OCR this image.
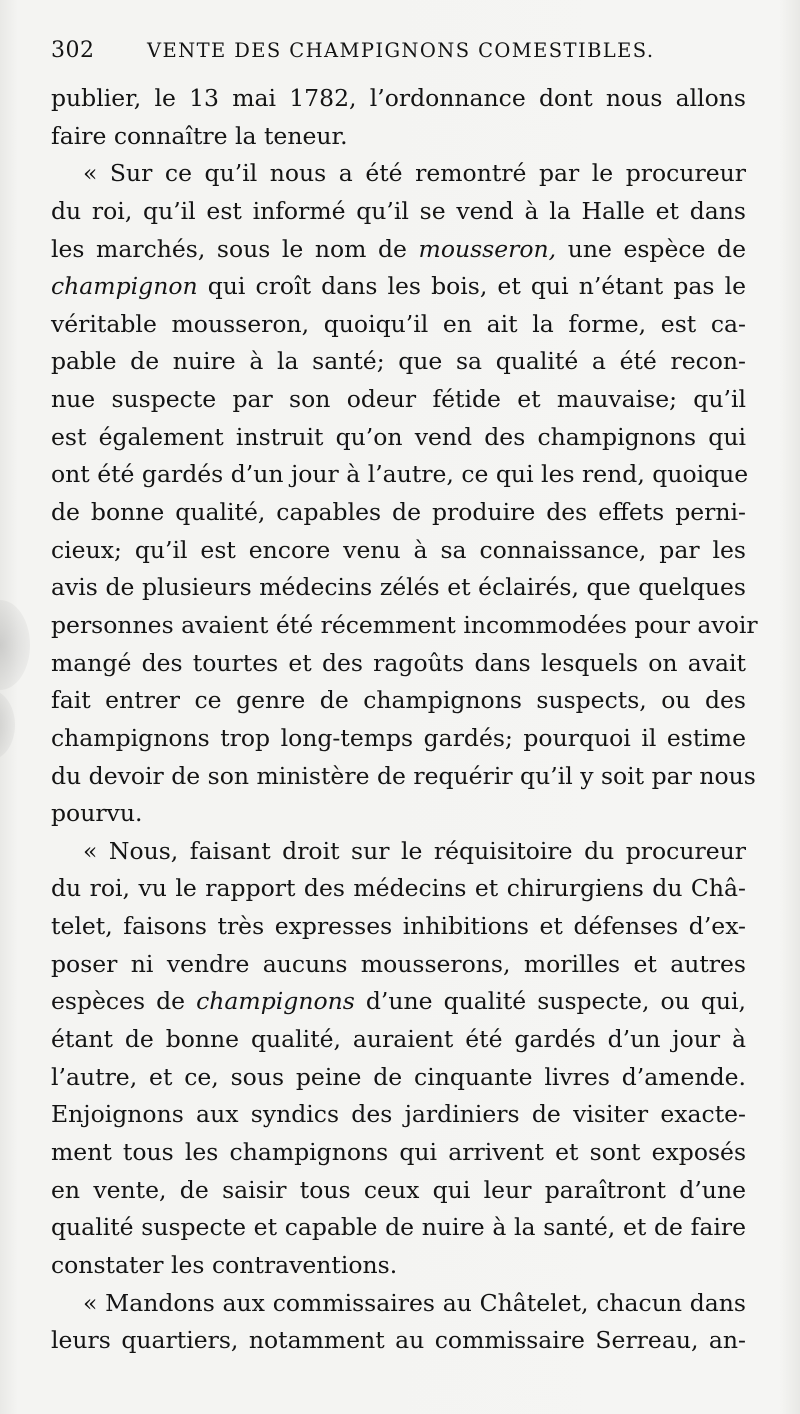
302	VENTE DES CHAMPIGNONS COMESTIBLES.
publier, le 13 mai 1782, l’ordonnance dont nous allons
faire connaître la teneur.
« Sur ce qu’il nous a été remontré par le procureur
du roi, qu’il est informé qu’il se vend à la Halle et dans
les marchés, sous le nom de mousseron, une espèce de
champignon qui croît dans les bois, et qui n’étant pas le
véritable mousseron, quoiqu’il en ait la forme, est ca-
pable de nuire à la santé; que sa qualité a été recon-
nue suspecte par son odeur fétide et mauvaise; qu’il
est également instruit qu’on vend des champignons qui
ont été gardés d’un jour à l’autre, ce qui les rend, quoique
de bonne qualité, capables de produire des effets perni-
cieux; qu’il est encore venu à sa connaissance, par les
avis de plusieurs médecins zélés et éclairés, que quelques
personnes avaient été récemment incommodées pour avoir
mangé des tourtes et des ragoûts dans lesquels on avait
fait entrer ce genre de champignons suspects, ou des
champignons trop long-temps gardés; pourquoi il estime
du devoir de son ministère de requérir qu’il y soit par nous
pourvu.
« Nous, faisant droit sur le réquisitoire du procureur
du roi, vu le rapport des médecins et chirurgiens du Châ-
telet, faisons très expresses inhibitions et défenses d’ex-
poser ni vendre aucuns mousserons, morilles et autres
espèces de champignons d’une qualité suspecte, ou qui,
étant de bonne qualité, auraient été gardés d’un jour à
l’autre, et ce, sous peine de cinquante livres d’amende.
Enjoignons aux syndics des jardiniers de visiter exacte-
ment tous les champignons qui arrivent et sont exposés
en vente, de saisir tous ceux qui leur paraîtront d’une
qualité suspecte et capable de nuire à la santé, et de faire
constater les contraventions.
« Mandons aux commissaires au Châtelet, chacun dans
leurs quartiers, notamment au commissaire Serreau, an-
